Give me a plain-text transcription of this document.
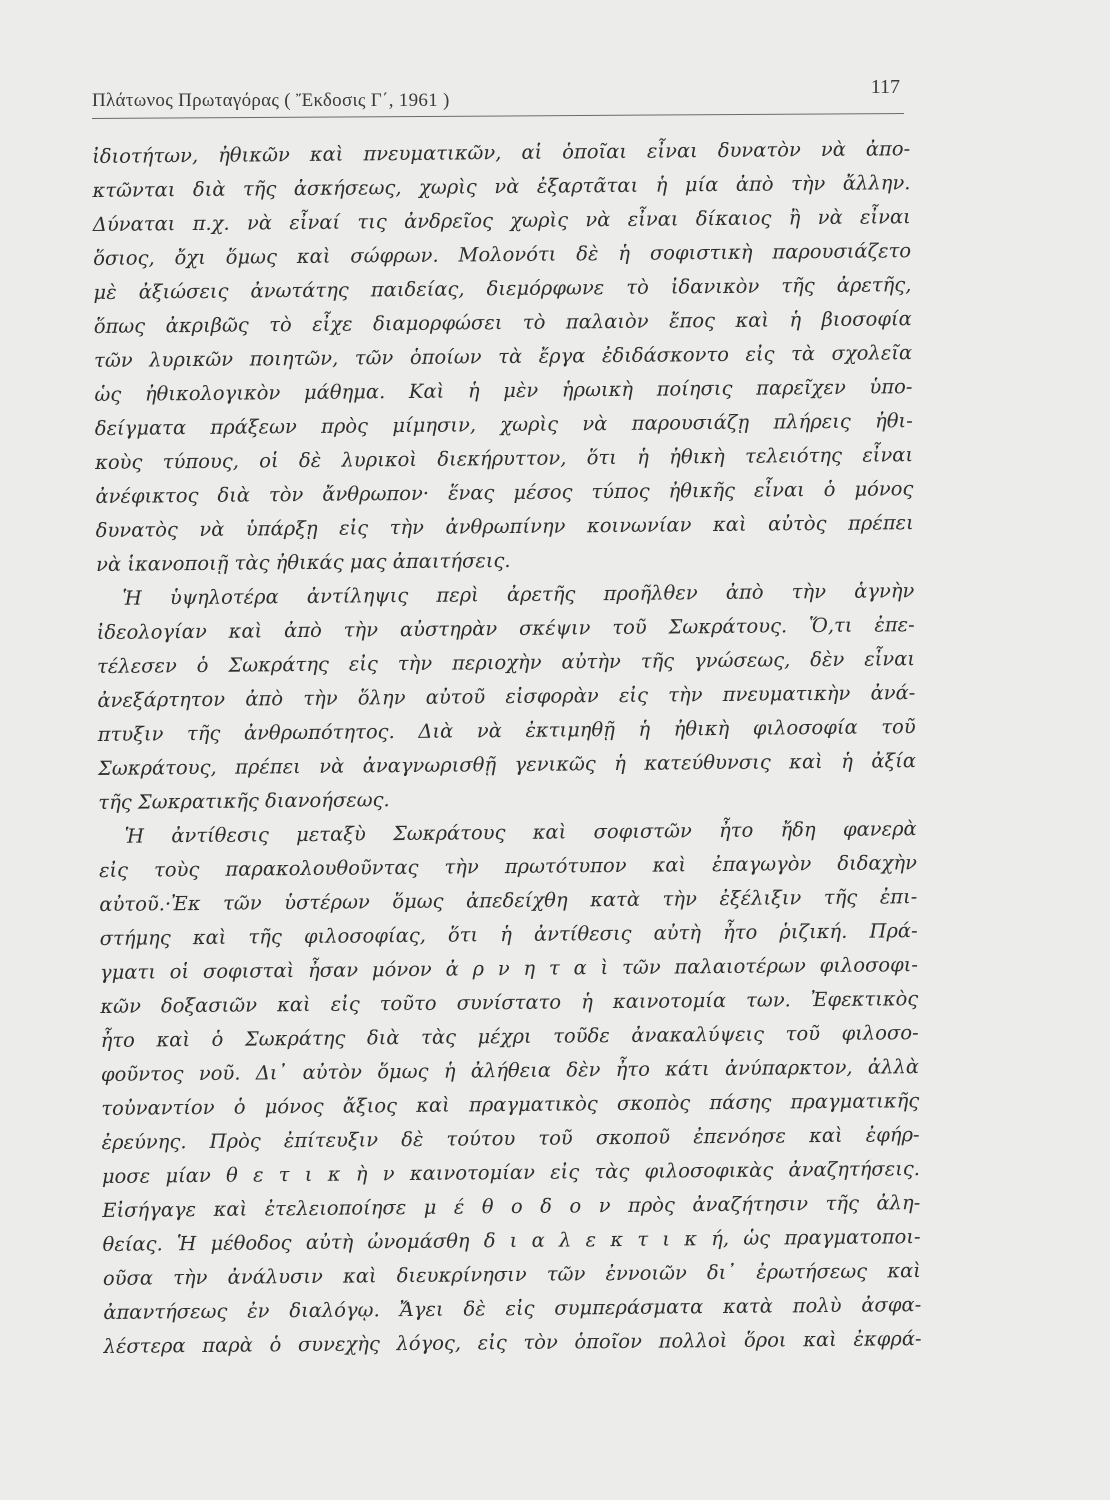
Πλάτωνος Πρωταγόρας ( Ἔκδοσις Γ΄, 1961 )
117
ἰδιοτήτων, ἠθικῶν καὶ πνευματικῶν, αἱ ὁποῖαι εἶναι δυνατὸν νὰ ἀπο-
κτῶνται διὰ τῆς ἀσκήσεως, χωρὶς νὰ ἐξαρτᾶται ἡ μία ἀπὸ τὴν ἄλλην.
Δύναται π.χ. νὰ εἶναί τις ἀνδρεῖος χωρὶς νὰ εἶναι δίκαιος ἢ νὰ εἶναι
ὅσιος, ὄχι ὅμως καὶ σώφρων. Μολονότι δὲ ἡ σοφιστικὴ παρουσιάζετο
μὲ ἀξιώσεις ἀνωτάτης παιδείας, διεμόρφωνε τὸ ἰδανικὸν τῆς ἀρετῆς,
ὅπως ἀκριβῶς τὸ εἶχε διαμορφώσει τὸ παλαιὸν ἔπος καὶ ἡ βιοσοφία
τῶν λυρικῶν ποιητῶν, τῶν ὁποίων τὰ ἔργα ἐδιδάσκοντο εἰς τὰ σχολεῖα
ὡς ἠθικολογικὸν μάθημα. Καὶ ἡ μὲν ἡρωικὴ ποίησις παρεῖχεν ὑπο-
δείγματα πράξεων πρὸς μίμησιν, χωρὶς νὰ παρουσιάζῃ πλήρεις ἠθι-
κοὺς τύπους, οἱ δὲ λυρικοὶ διεκήρυττον, ὅτι ἡ ἠθικὴ τελειότης εἶναι
ἀνέφικτος διὰ τὸν ἄνθρωπον· ἕνας μέσος τύπος ἠθικῆς εἶναι ὁ μόνος
δυνατὸς νὰ ὑπάρξῃ εἰς τὴν ἀνθρωπίνην κοινωνίαν καὶ αὐτὸς πρέπει
νὰ ἱκανοποιῇ τὰς ἠθικάς μας ἀπαιτήσεις.
Ἡ ὑψηλοτέρα ἀντίληψις περὶ ἀρετῆς προῆλθεν ἀπὸ τὴν ἁγνὴν
ἰδεολογίαν καὶ ἀπὸ τὴν αὐστηρὰν σκέψιν τοῦ Σωκράτους. Ὅ,τι ἐπε-
τέλεσεν ὁ Σωκράτης εἰς τὴν περιοχὴν αὐτὴν τῆς γνώσεως, δὲν εἶναι
ἀνεξάρτητον ἀπὸ τὴν ὅλην αὐτοῦ εἰσφορὰν εἰς τὴν πνευματικὴν ἀνά-
πτυξιν τῆς ἀνθρωπότητος. Διὰ νὰ ἐκτιμηθῇ ἡ ἠθικὴ φιλοσοφία τοῦ
Σωκράτους, πρέπει νὰ ἀναγνωρισθῇ γενικῶς ἡ κατεύθυνσις καὶ ἡ ἀξία
τῆς Σωκρατικῆς διανοήσεως.
Ἡ ἀντίθεσις μεταξὺ Σωκράτους καὶ σοφιστῶν ἦτο ἤδη φανερὰ
εἰς τοὺς παρακολουθοῦντας τὴν πρωτότυπον καὶ ἐπαγωγὸν διδαχὴν
αὐτοῦ.·Ἐκ τῶν ὑστέρων ὅμως ἀπεδείχθη κατὰ τὴν ἐξέλιξιν τῆς ἐπι-
στήμης καὶ τῆς φιλοσοφίας, ὅτι ἡ ἀντίθεσις αὐτὴ ἦτο ῥιζική. Πρά-
γματι οἱ σοφισταὶ ἦσαν μόνον ἀ ρ ν η τ α ὶ τῶν παλαιοτέρων φιλοσοφι-
κῶν δοξασιῶν καὶ εἰς τοῦτο συνίστατο ἡ καινοτομία των. Ἐφεκτικὸς
ἦτο καὶ ὁ Σωκράτης διὰ τὰς μέχρι τοῦδε ἀνακαλύψεις τοῦ φιλοσο-
φοῦντος νοῦ. Δι᾽ αὐτὸν ὅμως ἡ ἀλήθεια δὲν ἦτο κάτι ἀνύπαρκτον, ἀλλὰ
τοὐναντίον ὁ μόνος ἄξιος καὶ πραγματικὸς σκοπὸς πάσης πραγματικῆς
ἐρεύνης. Πρὸς ἐπίτευξιν δὲ τούτου τοῦ σκοποῦ ἐπενόησε καὶ ἐφήρ-
μοσε μίαν θ ε τ ι κ ὴ ν καινοτομίαν εἰς τὰς φιλοσοφικὰς ἀναζητήσεις.
Εἰσήγαγε καὶ ἐτελειοποίησε μ έ θ ο δ ο ν πρὸς ἀναζήτησιν τῆς ἀλη-
θείας. Ἡ μέθοδος αὐτὴ ὠνομάσθη δ ι α λ ε κ τ ι κ ή, ὡς πραγματοποι-
οῦσα τὴν ἀνάλυσιν καὶ διευκρίνησιν τῶν ἐννοιῶν δι᾽ ἐρωτήσεως καὶ
ἀπαντήσεως ἐν διαλόγῳ. Ἄγει δὲ εἰς συμπεράσματα κατὰ πολὺ ἀσφα-
λέστερα παρὰ ὁ συνεχὴς λόγος, εἰς τὸν ὁποῖον πολλοὶ ὅροι καὶ ἐκφρά-
